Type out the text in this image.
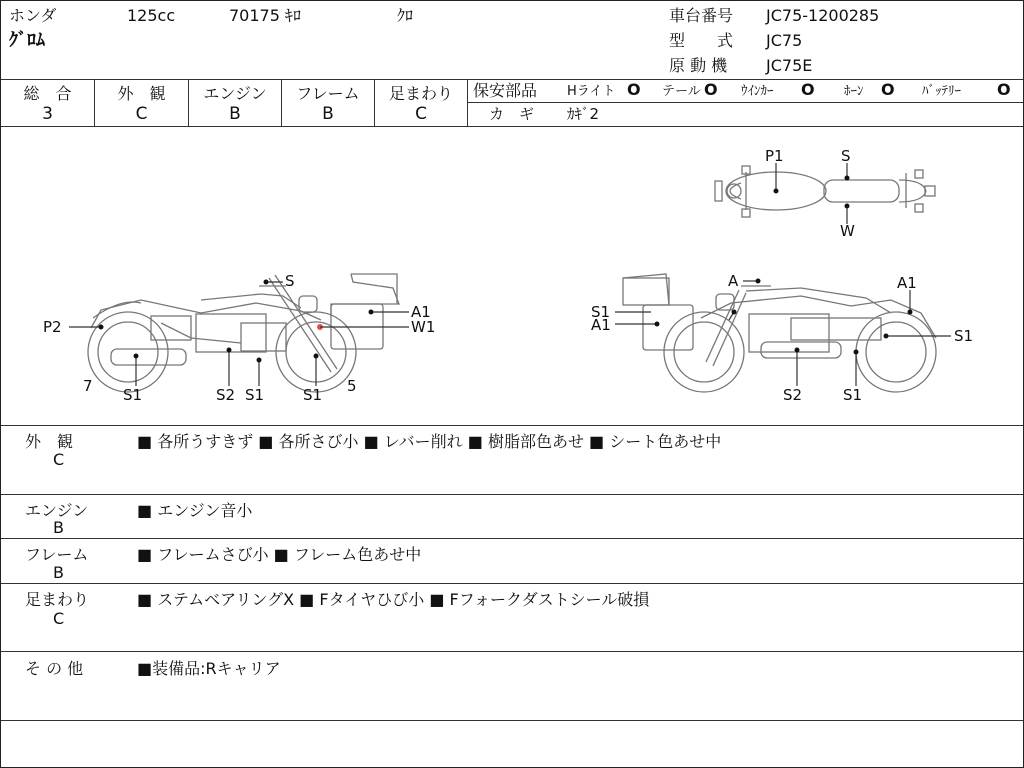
ホンダ	125cc	70175 ｷﾛ	ｸﾛ
ｸﾞﾛﾑ
車台番号 JC75-1200285
型　　式 JC75
原 動 機 JC75E
総　合
3
外　観
C
エンジン
B
フレーム
B
足まわり
C
保安部品 Hライト O テール O ｳｲﾝｶｰ O ﾎｰﾝ O ﾊﾞｯﾃﾘｰ O
カ　ギ ｶｷﾞ2
P1	S
W
S
A1
W1
P2
7 S1	S2 S1	S1 5
A	A1
S1
A1
S1
S2	S1
外　観
C
■ 各所うすきず ■ 各所さび小 ■ レバー削れ ■ 樹脂部色あせ ■ シート色あせ中
エンジン
B
■ エンジン音小
フレーム
B
■ フレームさび小 ■ フレーム色あせ中
足まわり
C
■ ステムベアリングX ■ Fタイヤひび小 ■ Fフォークダストシール破損
そ の 他	■装備品:Rキャリア
